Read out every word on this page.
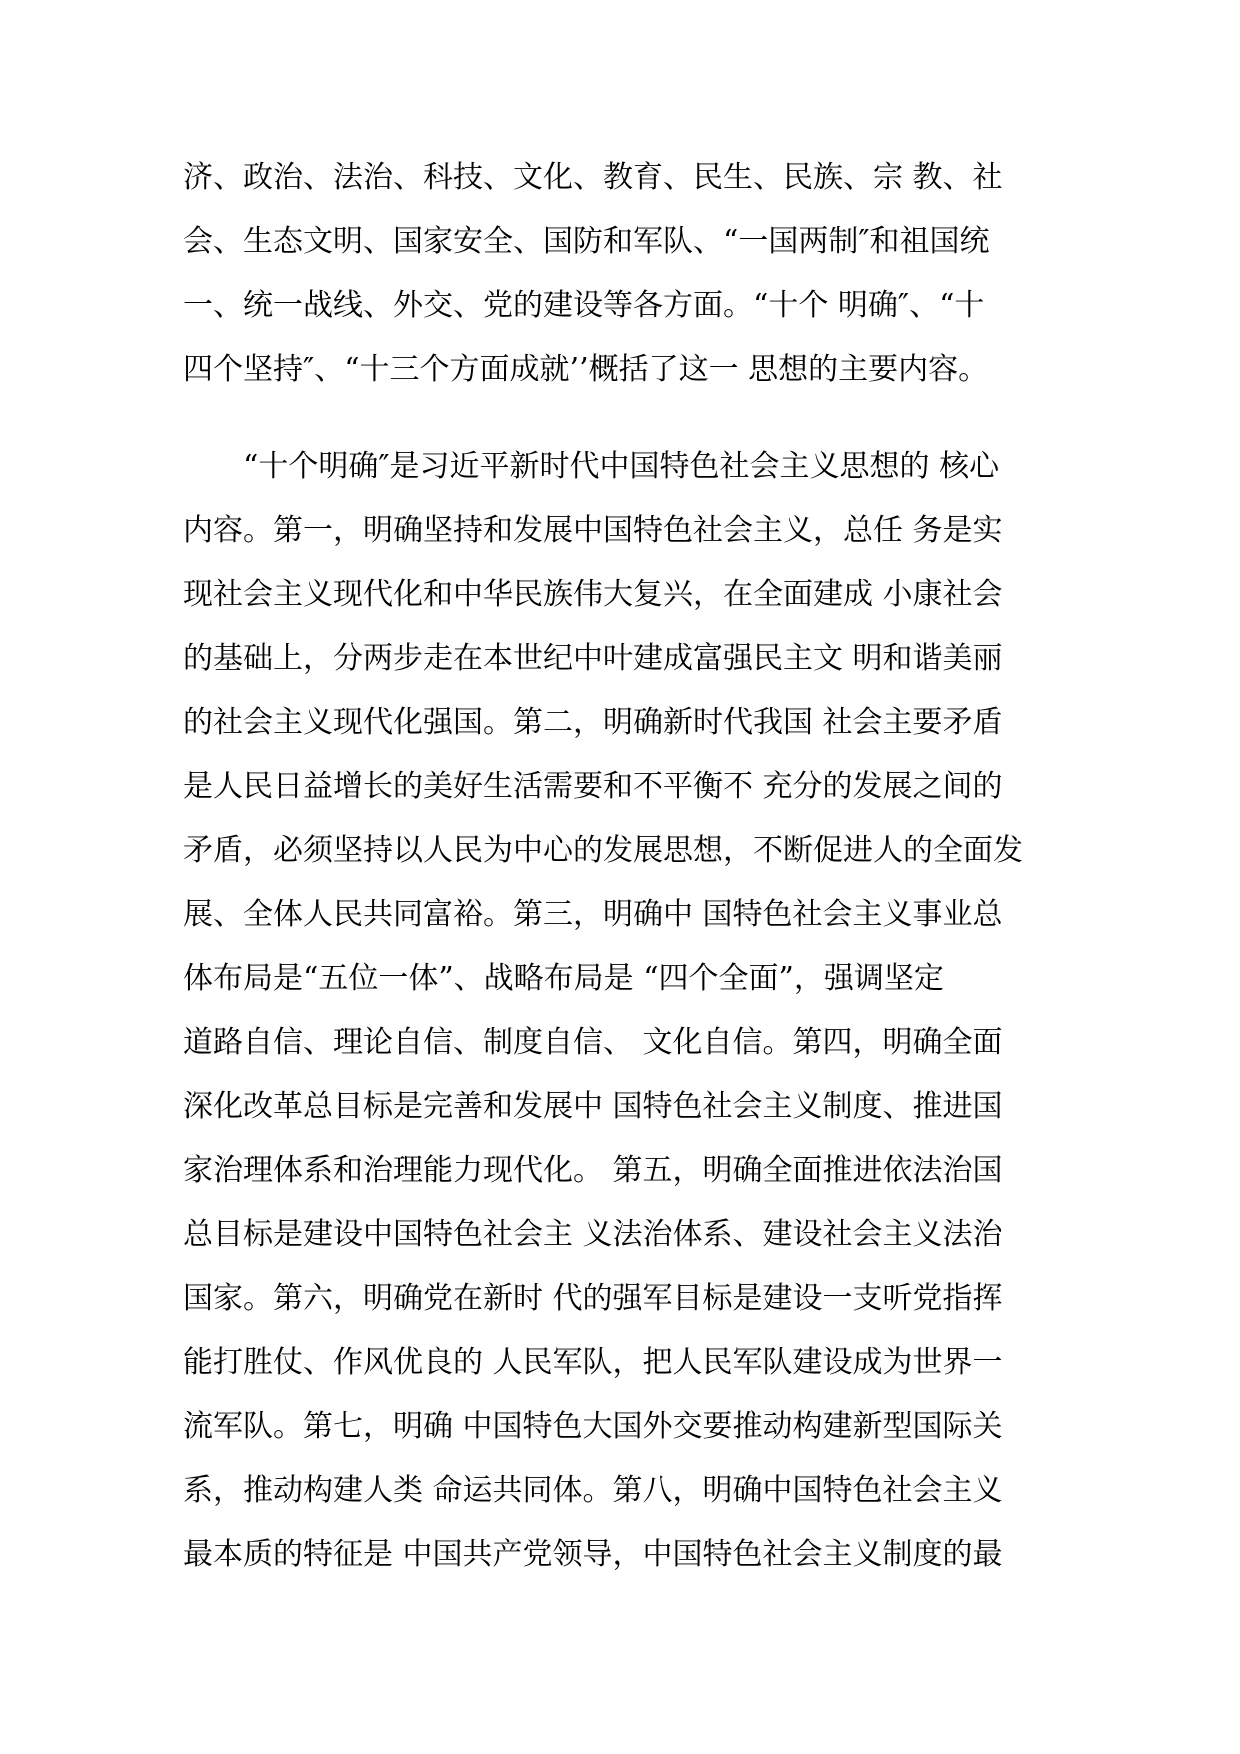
济、政治、法治、科技、文化、教育、民生、民族、宗 教、社
会、生态文明、国家安全、国防和军队、“一国两制″和祖国统
一、统一战线、外交、党的建设等各方面。“十个 明确″、“十
四个坚持″、“十三个方面成就’’概括了这一 思想的主要内容。
“十个明确″是习近平新时代中国特色社会主义思想的 核心
内容。第一，明确坚持和发展中国特色社会主义，总任 务是实
现社会主义现代化和中华民族伟大复兴，在全面建成 小康社会
的基础上，分两步走在本世纪中叶建成富强民主文 明和谐美丽
的社会主义现代化强国。第二，明确新时代我国 社会主要矛盾
是人民日益增长的美好生活需要和不平衡不 充分的发展之间的
矛盾，必须坚持以人民为中心的发展思想，不断促进人的全面发
展、全体人民共同富裕。第三，明确中 国特色社会主义事业总
体布局是“五位一体”、战略布局是 “四个全面”，强调坚定
道路自信、理论自信、制度自信、 文化自信。第四，明确全面
深化改革总目标是完善和发展中 国特色社会主义制度、推进国
家治理体系和治理能力现代化。 第五，明确全面推进依法治国
总目标是建设中国特色社会主 义法治体系、建设社会主义法治
国家。第六，明确党在新时 代的强军目标是建设一支听党指挥
能打胜仗、作风优良的 人民军队，把人民军队建设成为世界一
流军队。第七，明确 中国特色大国外交要推动构建新型国际关
系，推动构建人类 命运共同体。第八，明确中国特色社会主义
最本质的特征是 中国共产党领导，中国特色社会主义制度的最
